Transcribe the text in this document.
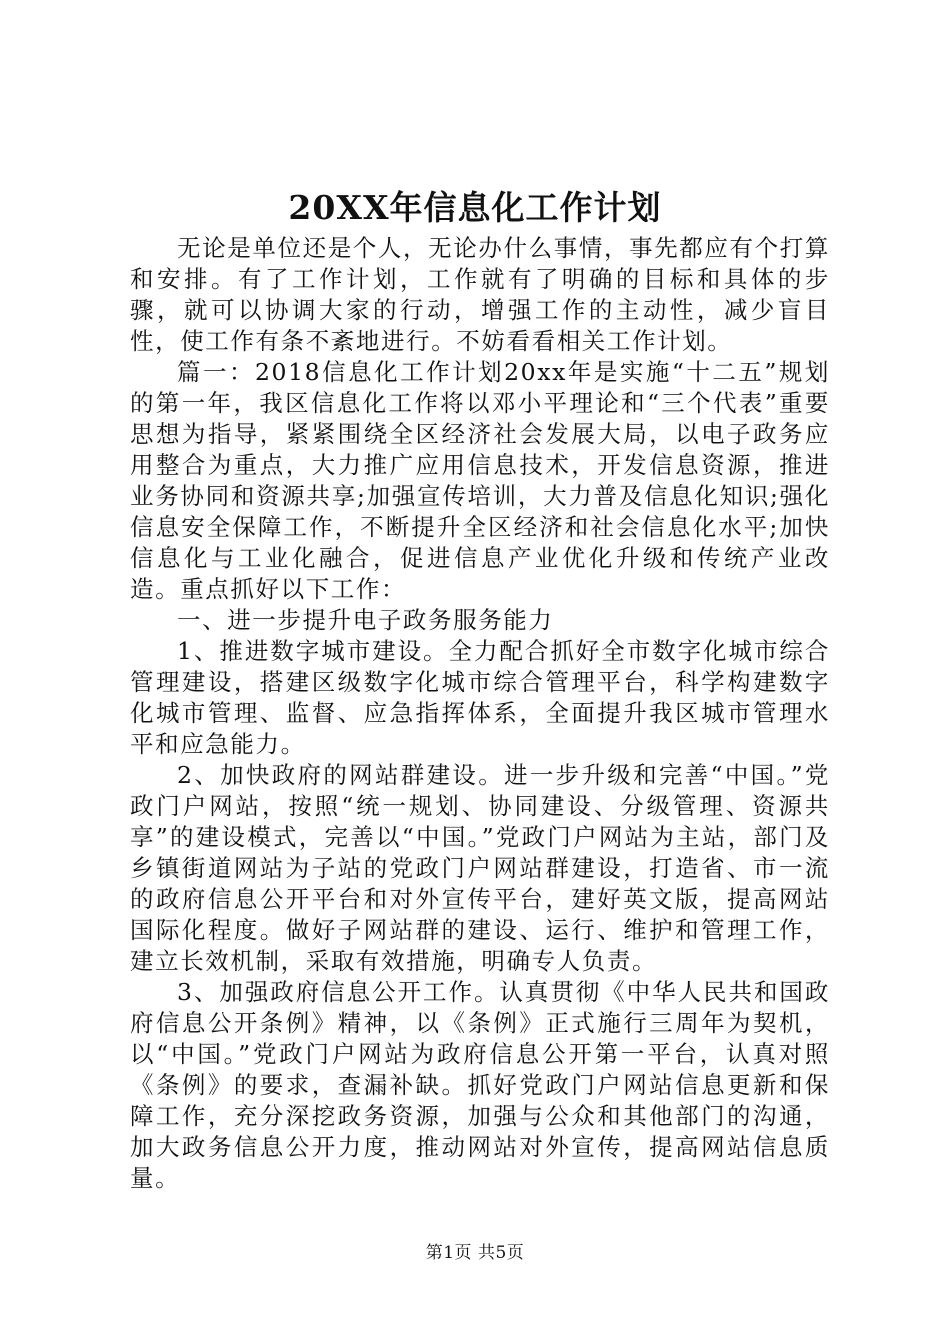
20XX年信息化工作计划

无论是单位还是个人，无论办什么事情，事先都应有个打算和安排。有了工作计划，工作就有了明确的目标和具体的步骤，就可以协调大家的行动，增强工作的主动性，减少盲目性，使工作有条不紊地进行。不妨看看相关工作计划。

篇一：2018信息化工作计划20xx年是实施“十二五”规划的第一年，我区信息化工作将以邓小平理论和“三个代表”重要思想为指导，紧紧围绕全区经济社会发展大局，以电子政务应用整合为重点，大力推广应用信息技术，开发信息资源，推进业务协同和资源共享;加强宣传培训，大力普及信息化知识;强化信息安全保障工作，不断提升全区经济和社会信息化水平;加快信息化与工业化融合，促进信息产业优化升级和传统产业改造。重点抓好以下工作：

一、进一步提升电子政务服务能力

1、推进数字城市建设。全力配合抓好全市数字化城市综合管理建设，搭建区级数字化城市综合管理平台，科学构建数字化城市管理、监督、应急指挥体系，全面提升我区城市管理水平和应急能力。

2、加快政府的网站群建设。进一步升级和完善“中国。”党政门户网站，按照“统一规划、协同建设、分级管理、资源共享”的建设模式，完善以“中国。”党政门户网站为主站，部门及乡镇街道网站为子站的党政门户网站群建设，打造省、市一流的政府信息公开平台和对外宣传平台，建好英文版，提高网站国际化程度。做好子网站群的建设、运行、维护和管理工作，建立长效机制，采取有效措施，明确专人负责。

3、加强政府信息公开工作。认真贯彻《中华人民共和国政府信息公开条例》精神，以《条例》正式施行三周年为契机，以“中国。”党政门户网站为政府信息公开第一平台，认真对照《条例》的要求，查漏补缺。抓好党政门户网站信息更新和保障工作，充分深挖政务资源，加强与公众和其他部门的沟通，加大政务信息公开力度，推动网站对外宣传，提高网站信息质量。

第1页 共5页
